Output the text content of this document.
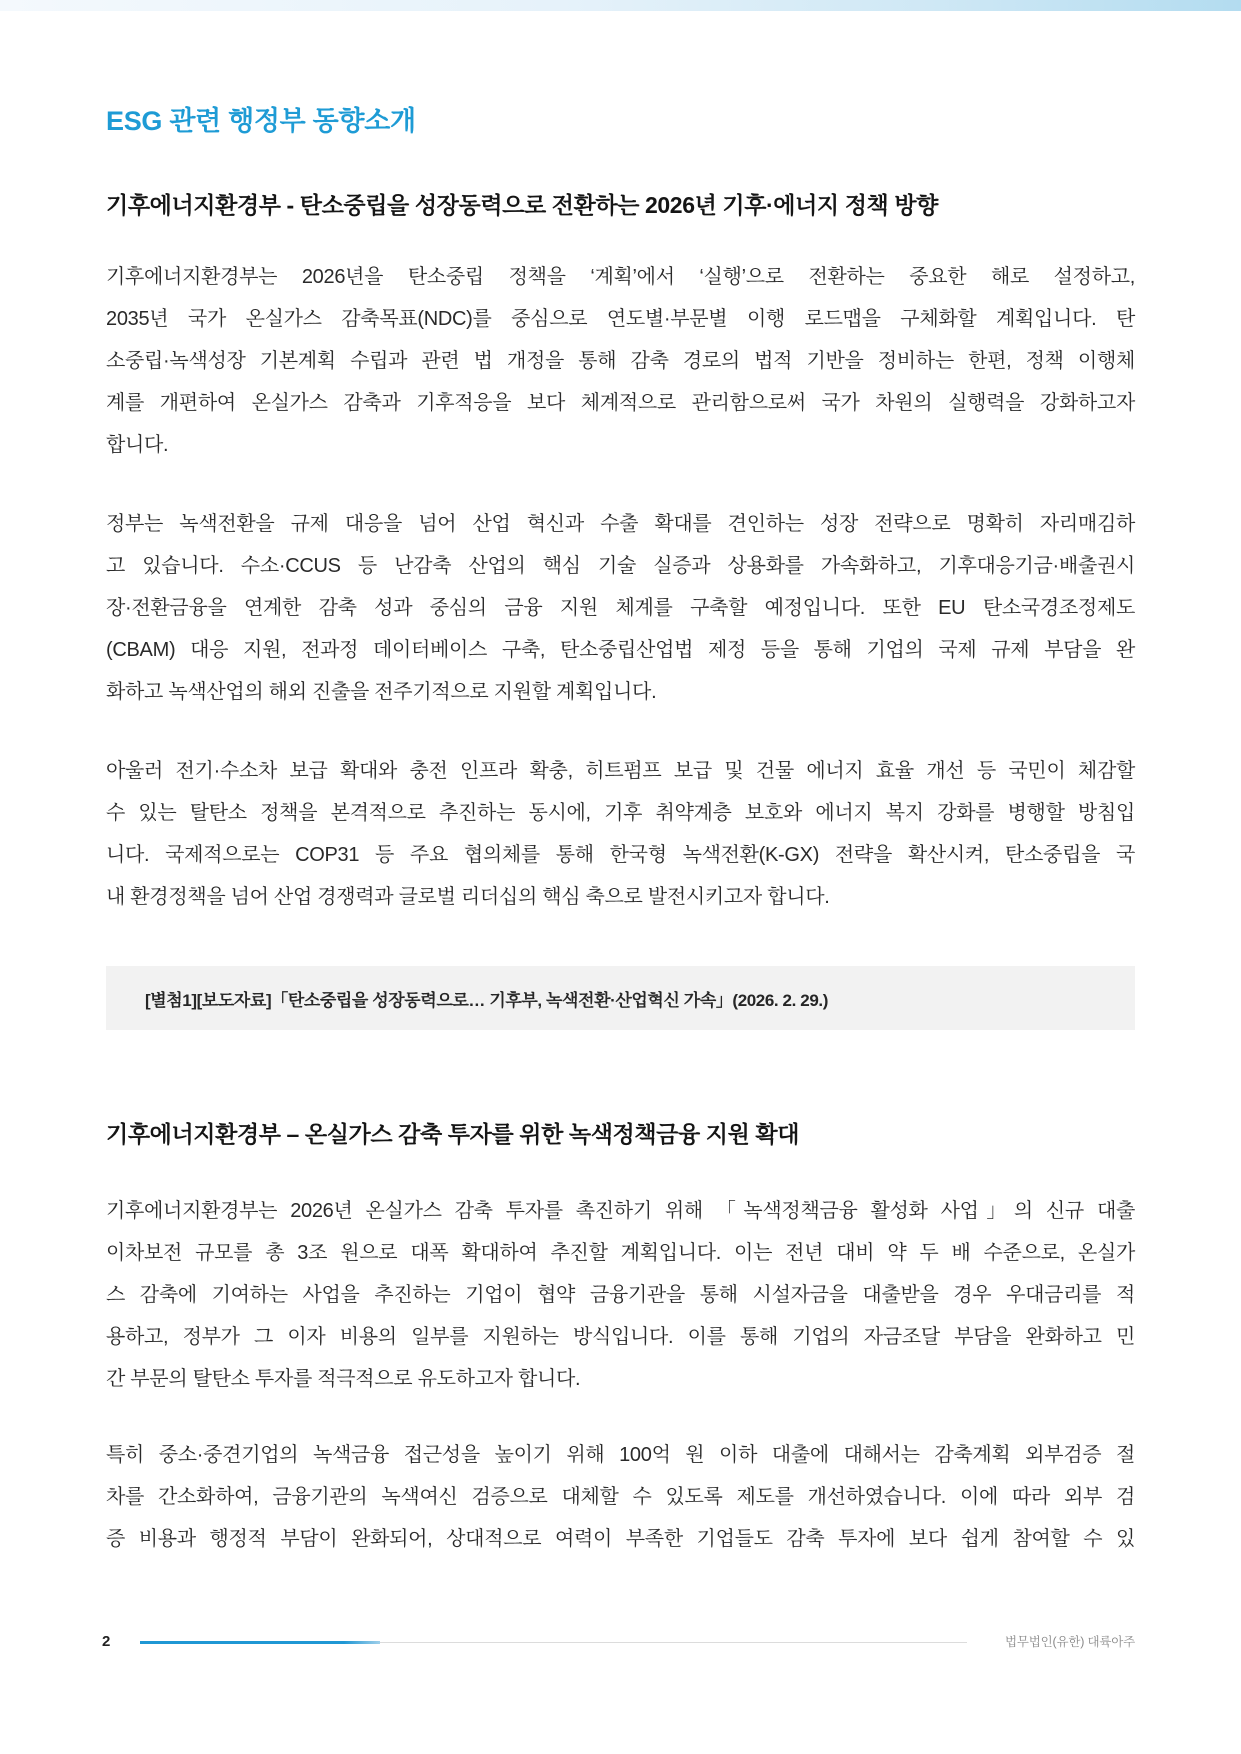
ESG 관련 행정부 동향소개
기후에너지환경부 - 탄소중립을 성장동력으로 전환하는 2026년 기후·에너지 정책 방향
기후에너지환경부는 2026년을 탄소중립 정책을 ‘계획’에서 ‘실행’으로 전환하는 중요한 해로 설정하고,
2035년 국가 온실가스 감축목표(NDC)를 중심으로 연도별·부문별 이행 로드맵을 구체화할 계획입니다. 탄
소중립·녹색성장 기본계획 수립과 관련 법 개정을 통해 감축 경로의 법적 기반을 정비하는 한편, 정책 이행체
계를 개편하여 온실가스 감축과 기후적응을 보다 체계적으로 관리함으로써 국가 차원의 실행력을 강화하고자
합니다.
정부는 녹색전환을 규제 대응을 넘어 산업 혁신과 수출 확대를 견인하는 성장 전략으로 명확히 자리매김하
고 있습니다. 수소·CCUS 등 난감축 산업의 핵심 기술 실증과 상용화를 가속화하고, 기후대응기금·배출권시
장·전환금융을 연계한 감축 성과 중심의 금융 지원 체계를 구축할 예정입니다. 또한 EU 탄소국경조정제도
(CBAM) 대응 지원, 전과정 데이터베이스 구축, 탄소중립산업법 제정 등을 통해 기업의 국제 규제 부담을 완
화하고 녹색산업의 해외 진출을 전주기적으로 지원할 계획입니다.
아울러 전기·수소차 보급 확대와 충전 인프라 확충, 히트펌프 보급 및 건물 에너지 효율 개선 등 국민이 체감할
수 있는 탈탄소 정책을 본격적으로 추진하는 동시에, 기후 취약계층 보호와 에너지 복지 강화를 병행할 방침입
니다. 국제적으로는 COP31 등 주요 협의체를 통해 한국형 녹색전환(K-GX) 전략을 확산시켜, 탄소중립을 국
내 환경정책을 넘어 산업 경쟁력과 글로벌 리더십의 핵심 축으로 발전시키고자 합니다.
[별첨1][보도자료]「탄소중립을 성장동력으로… 기후부, 녹색전환·산업혁신 가속」(2026. 2. 29.)
기후에너지환경부 – 온실가스 감축 투자를 위한 녹색정책금융 지원 확대
기후에너지환경부는 2026년 온실가스 감축 투자를 촉진하기 위해 「녹색정책금융 활성화 사업」의 신규 대출
이차보전 규모를 총 3조 원으로 대폭 확대하여 추진할 계획입니다. 이는 전년 대비 약 두 배 수준으로, 온실가
스 감축에 기여하는 사업을 추진하는 기업이 협약 금융기관을 통해 시설자금을 대출받을 경우 우대금리를 적
용하고, 정부가 그 이자 비용의 일부를 지원하는 방식입니다. 이를 통해 기업의 자금조달 부담을 완화하고 민
간 부문의 탈탄소 투자를 적극적으로 유도하고자 합니다.
특히 중소·중견기업의 녹색금융 접근성을 높이기 위해 100억 원 이하 대출에 대해서는 감축계획 외부검증 절
차를 간소화하여, 금융기관의 녹색여신 검증으로 대체할 수 있도록 제도를 개선하였습니다. 이에 따라 외부 검
증 비용과 행정적 부담이 완화되어, 상대적으로 여력이 부족한 기업들도 감축 투자에 보다 쉽게 참여할 수 있
2	법무법인(유한) 대륙아주
